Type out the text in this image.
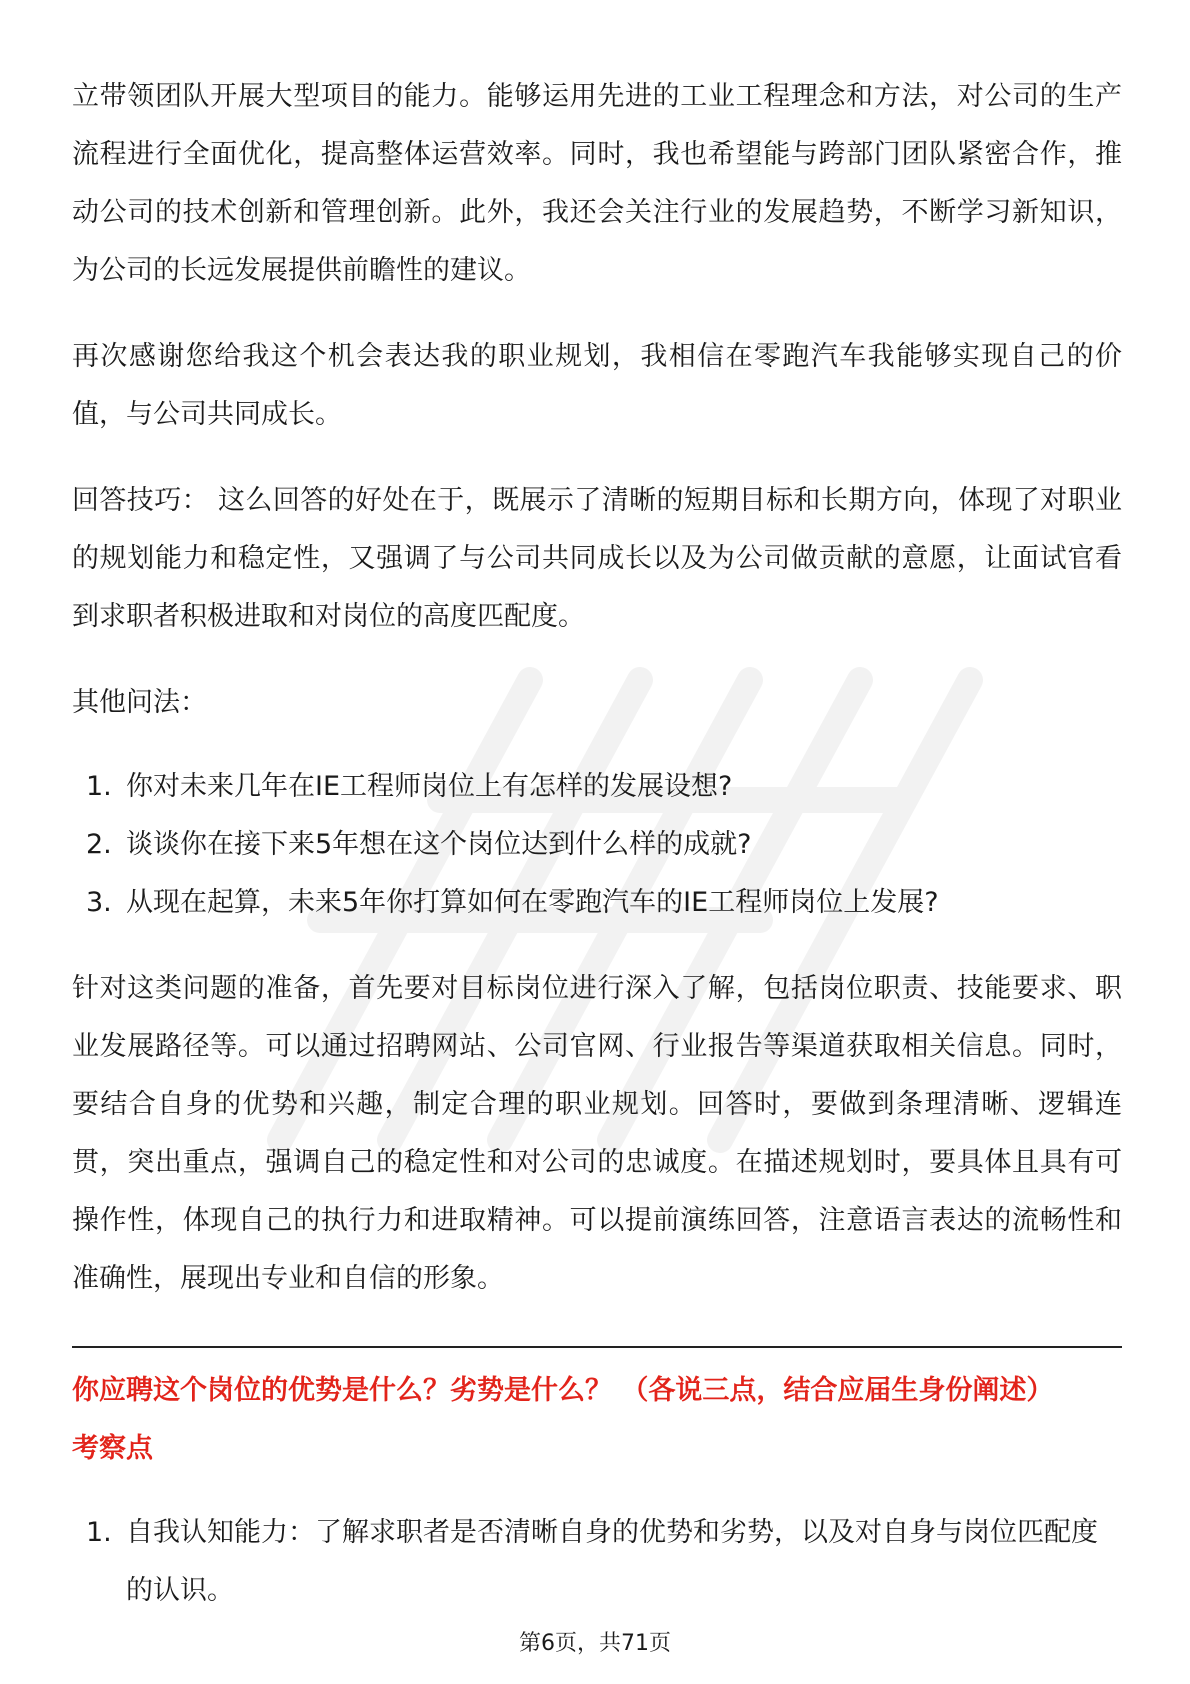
立带领团队开展大型项目的能力。能够运用先进的工业工程理念和方法，对公司的生产流程进行全面优化，提高整体运营效率。同时，我也希望能与跨部门团队紧密合作，推动公司的技术创新和管理创新。此外，我还会关注行业的发展趋势，不断学习新知识，为公司的长远发展提供前瞻性的建议。

再次感谢您给我这个机会表达我的职业规划，我相信在零跑汽车我能够实现自己的价值，与公司共同成长。

回答技巧： 这么回答的好处在于，既展示了清晰的短期目标和长期方向，体现了对职业的规划能力和稳定性，又强调了与公司共同成长以及为公司做贡献的意愿，让面试官看到求职者积极进取和对岗位的高度匹配度。

其他问法：

1. 你对未来几年在IE工程师岗位上有怎样的发展设想?
2. 谈谈你在接下来5年想在这个岗位达到什么样的成就?
3. 从现在起算，未来5年你打算如何在零跑汽车的IE工程师岗位上发展?

针对这类问题的准备，首先要对目标岗位进行深入了解，包括岗位职责、技能要求、职业发展路径等。可以通过招聘网站、公司官网、行业报告等渠道获取相关信息。同时，要结合自身的优势和兴趣，制定合理的职业规划。回答时，要做到条理清晰、逻辑连贯，突出重点，强调自己的稳定性和对公司的忠诚度。在描述规划时，要具体且具有可操作性，体现自己的执行力和进取精神。可以提前演练回答，注意语言表达的流畅性和准确性，展现出专业和自信的形象。

你应聘这个岗位的优势是什么？劣势是什么？ （各说三点，结合应届生身份阐述）

考察点

1. 自我认知能力：了解求职者是否清晰自身的优势和劣势，以及对自身与岗位匹配度的认识。
第6页，共71页
